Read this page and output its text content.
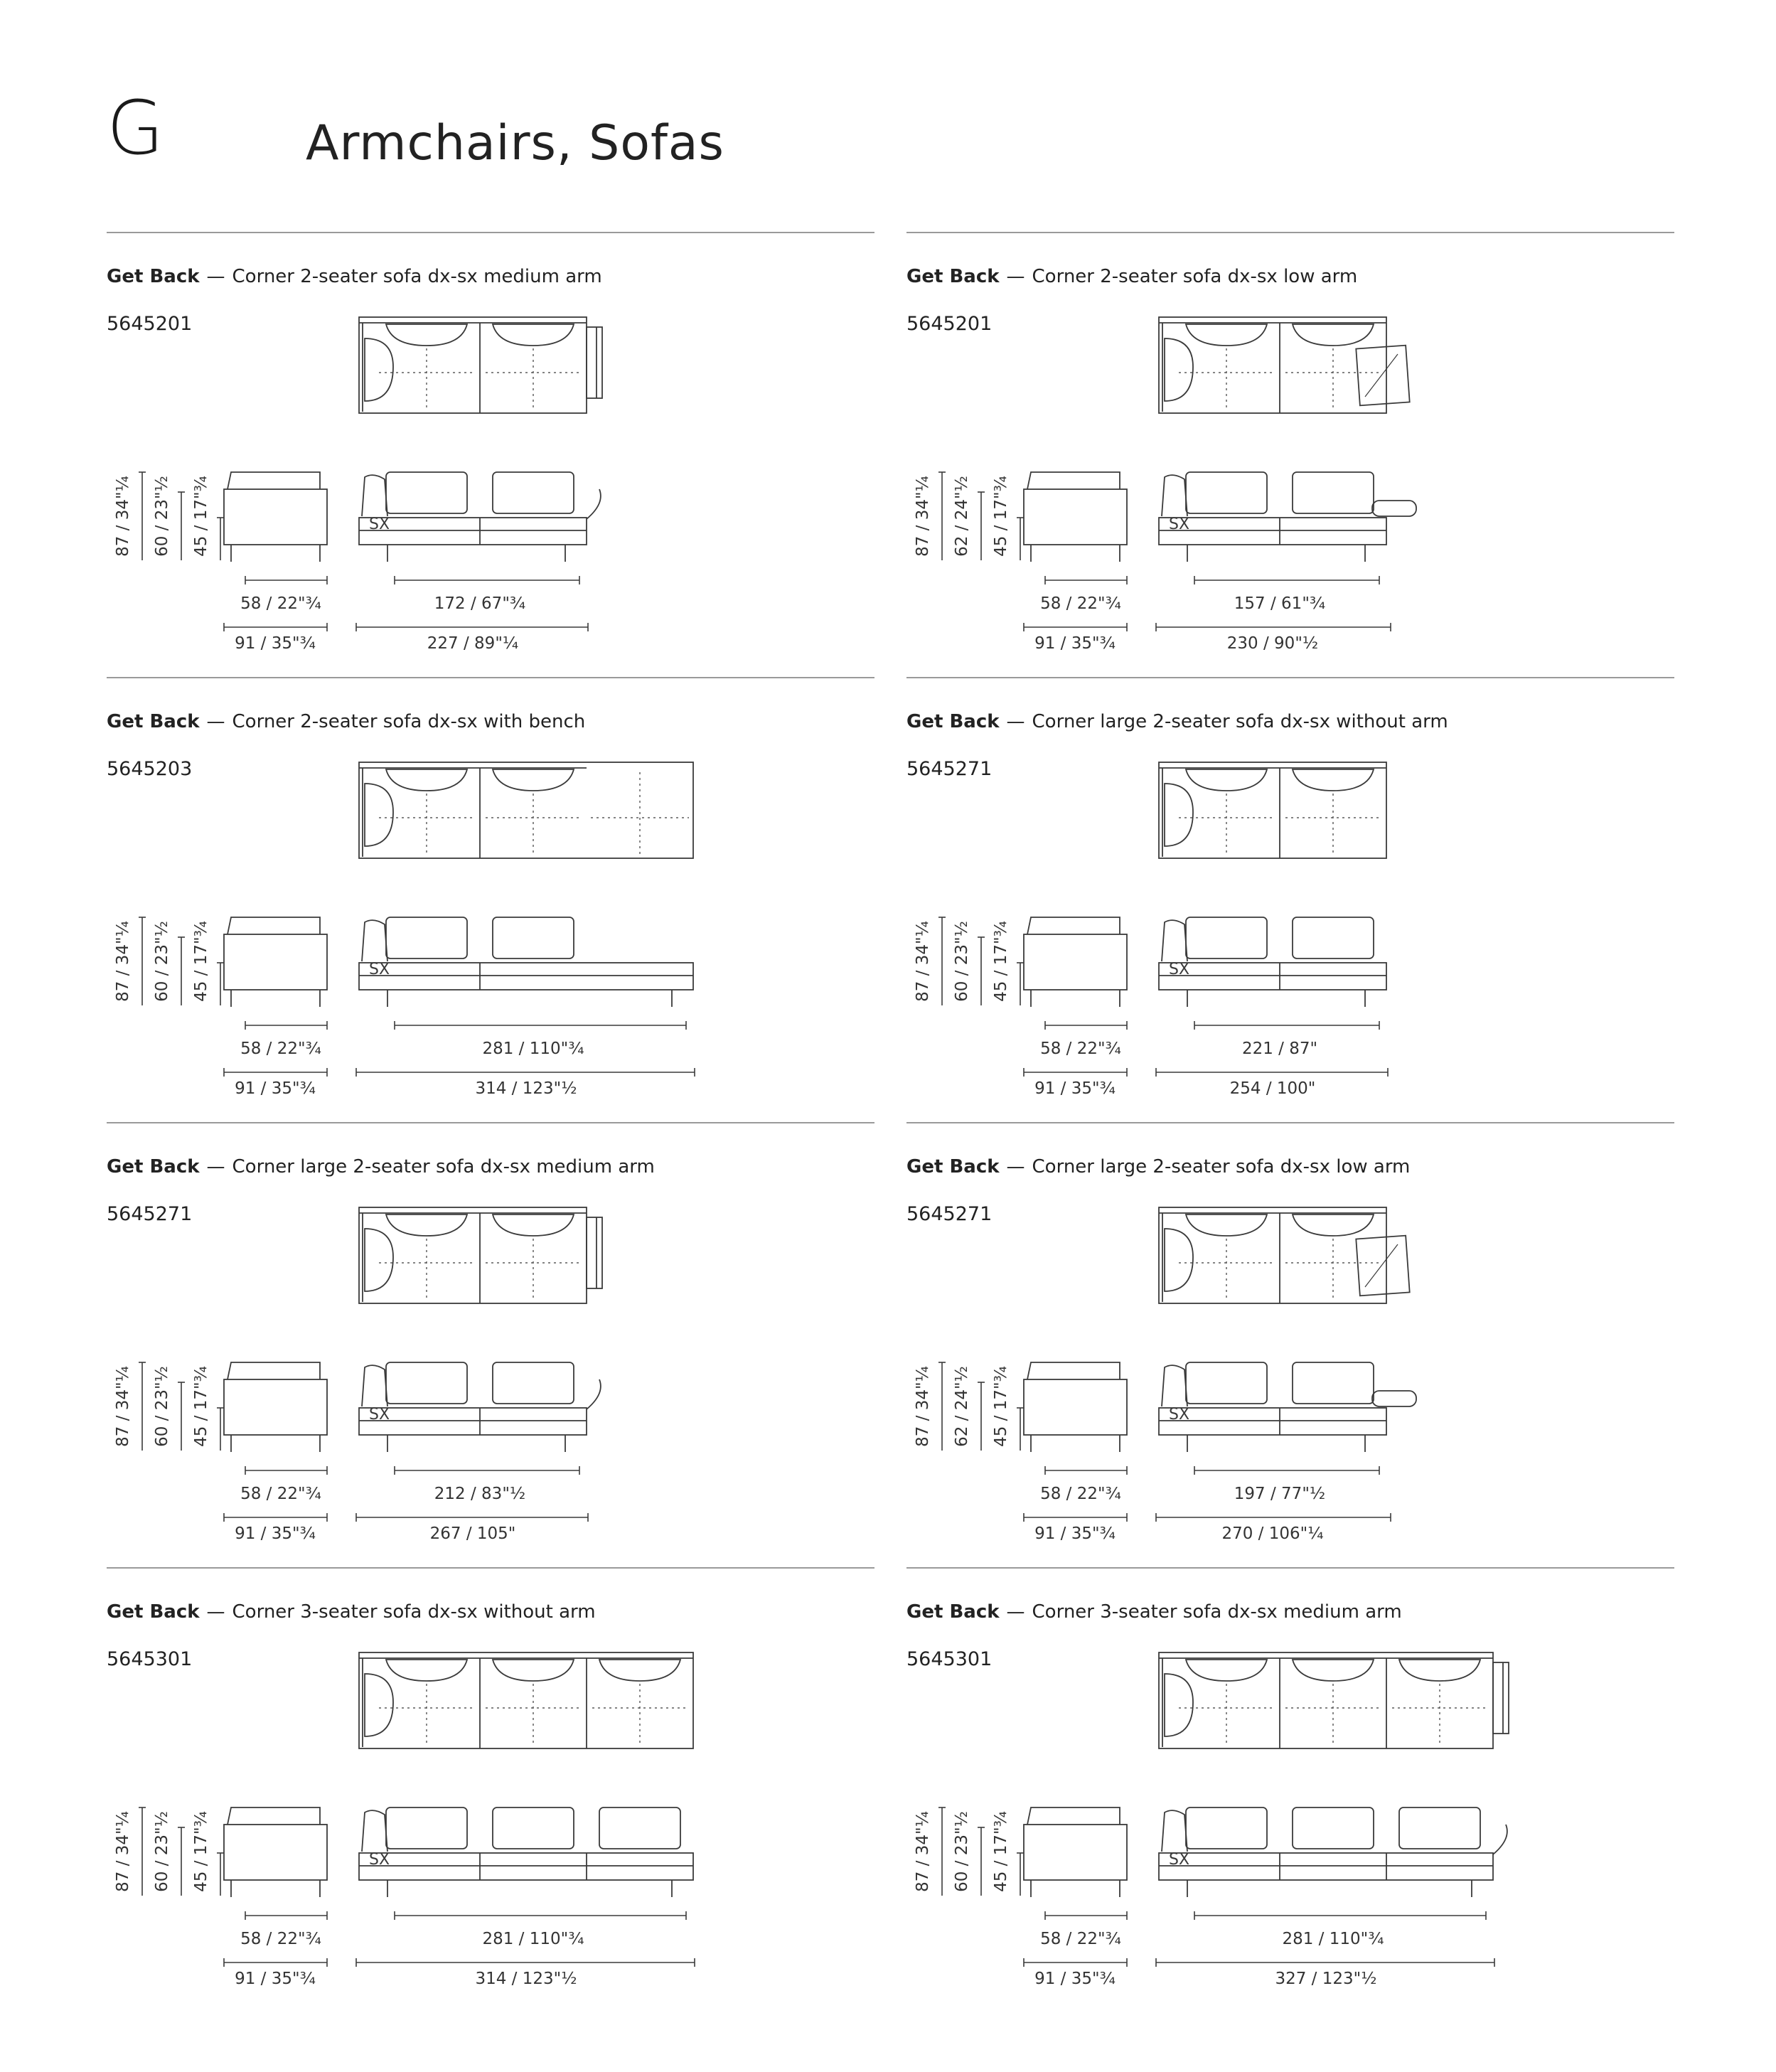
G	Armchairs, Sofas
Get Back — Corner 2-seater sofa dx-sx medium arm
5645201
SX
87 / 34"¼ 60 / 23"½ 45 / 17"¾
58 / 22"¾
91 / 35"¾
172 / 67"¾
227 / 89"¼
Get Back — Corner 2-seater sofa dx-sx low arm
5645201
SX
87 / 34"¼ 62 / 24"½ 45 / 17"¾
58 / 22"¾
91 / 35"¾
157 / 61"¾
230 / 90"½
Get Back — Corner 2-seater sofa dx-sx with bench
5645203
SX
87 / 34"¼ 60 / 23"½ 45 / 17"¾
58 / 22"¾
91 / 35"¾
281 / 110"¾
314 / 123"½
Get Back — Corner large 2-seater sofa dx-sx without arm
5645271
SX
87 / 34"¼ 60 / 23"½ 45 / 17"¾
58 / 22"¾
91 / 35"¾
221 / 87"
254 / 100"
Get Back — Corner large 2-seater sofa dx-sx medium arm
5645271
SX
87 / 34"¼ 60 / 23"½ 45 / 17"¾
58 / 22"¾
91 / 35"¾
212 / 83"½
267 / 105"
Get Back — Corner large 2-seater sofa dx-sx low arm
5645271
SX
87 / 34"¼ 62 / 24"½ 45 / 17"¾
58 / 22"¾
91 / 35"¾
197 / 77"½
270 / 106"¼
Get Back — Corner 3-seater sofa dx-sx without arm
5645301
SX
87 / 34"¼ 60 / 23"½ 45 / 17"¾
58 / 22"¾
91 / 35"¾
281 / 110"¾
314 / 123"½
Get Back — Corner 3-seater sofa dx-sx medium arm
5645301
SX
87 / 34"¼ 60 / 23"½ 45 / 17"¾
58 / 22"¾
91 / 35"¾
281 / 110"¾
327 / 123"½
